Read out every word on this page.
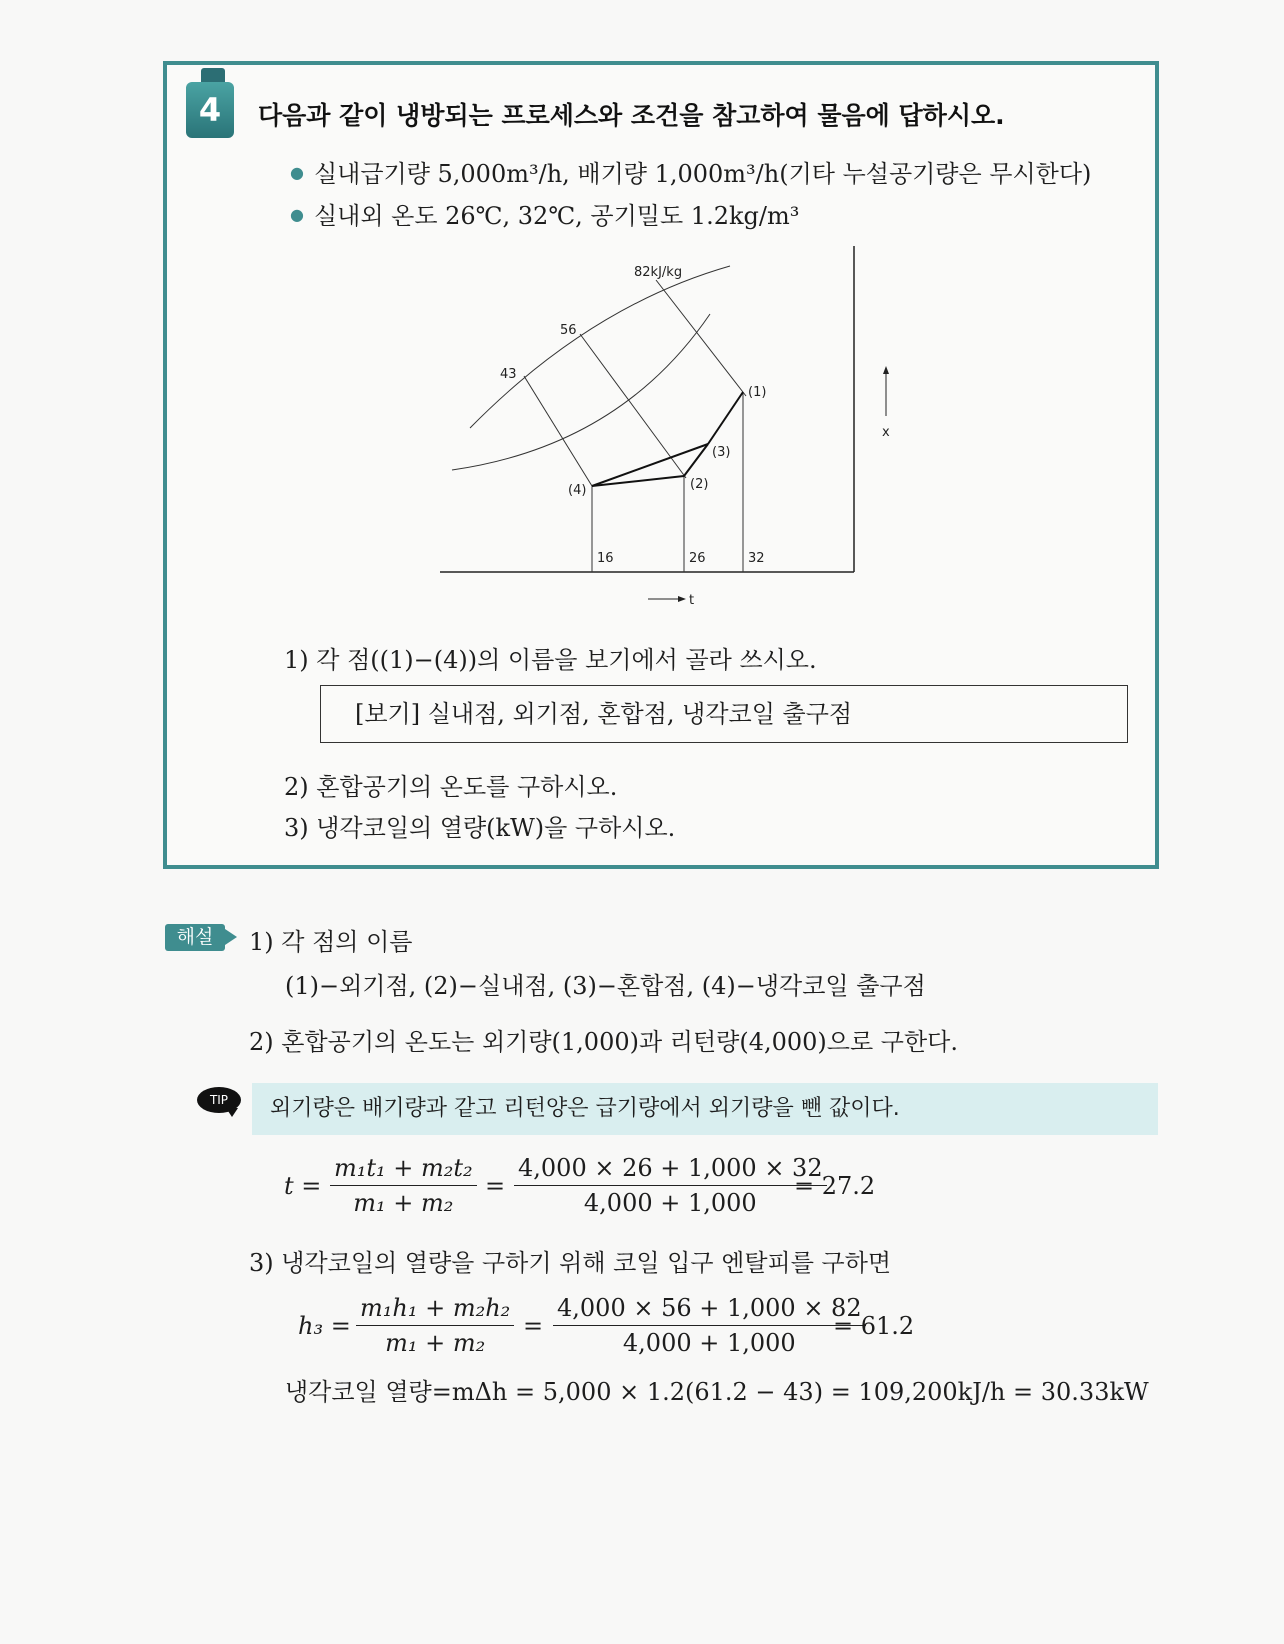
4	다음과 같이 냉방되는 프로세스와 조건을 참고하여 물음에 답하시오.
● 실내급기량 5,000m³/h, 배기량 1,000m³/h(기타 누설공기량은 무시한다)
● 실내외 온도 26℃, 32℃, 공기밀도 1.2kg/m³
43
56
82kJ/kg
(1)
(2)
(3)
(4)
16	26	32
t
x
1) 각 점((1)−(4))의 이름을 보기에서 골라 쓰시오.
[보기] 실내점, 외기점, 혼합점, 냉각코일 출구점
2) 혼합공기의 온도를 구하시오.
3) 냉각코일의 열량(kW)을 구하시오.
해설	1) 각 점의 이름
(1)−외기점, (2)−실내점, (3)−혼합점, (4)−냉각코일 출구점
2) 혼합공기의 온도는 외기량(1,000)과 리턴량(4,000)으로 구한다.
TIP	외기량은 배기량과 같고 리턴양은 급기량에서 외기량을 뺀 값이다.
$t = \frac{\text{m₁t₁ + m₂t₂}}{\text{m₁ + m₂}} = \frac{4,000 \times 26 + 1,000 \times 32}{4,000 + 1,000}$
= 27.2
3) 냉각코일의 열량을 구하기 위해 코일 입구 엔탈피를 구하면
$h_3 = \frac{\text{m₁h₁ + m₂h₂}}{\text{m₁ + m₂}} = \frac{4,000 \times 56 + 1,000 \times 82}{4,000 + 1,000}$
= 61.2
냉각코일 열량=mΔh = 5,000 × 1.2(61.2 − 43) = 109,200kJ/h = 30.33kW
